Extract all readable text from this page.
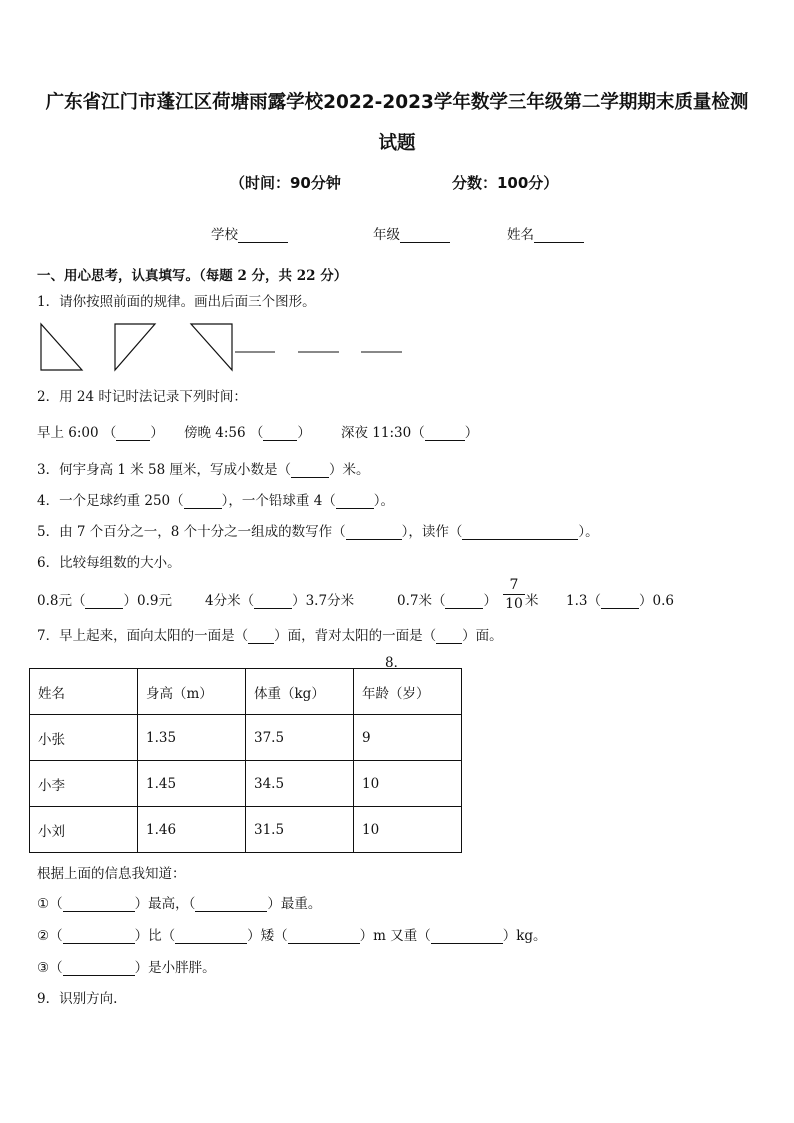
广东省江门市蓬江区荷塘雨露学校2022-2023学年数学三年级第二学期期末质量检测
试题
（时间：90分钟	分数：100分）
学校	年级	姓名
一、用心思考，认真填写。（每题 2 分，共 22 分）
1．请你按照前面的规律。画出后面三个图形。
2．用 24 时记时法记录下列时间：
早上 6:00 （	） 傍晚 4:56 （	） 深夜 11:30（	）
3．何宇身高 1 米 58 厘米，写成小数是（	）米。
4．一个足球约重 250（	），一个铅球重 4（	）。
5．由 7 个百分之一，8 个十分之一组成的数写作（	），读作（	）。
6．比较每组数的大小。
0.8元（	）0.9元 4分米（	）3.7分米	0.7米（	） $\frac{7}{10}$ 米 1.3（	）0.6
7．早上起来，面向太阳的一面是（ ）面，背对太阳的一面是（ ）面。
8．
姓名	身高（m）	体重（kg）	年龄（岁）
小张	1.35	37.5	9
小李	1.45	34.5	10
小刘	1.46	31.5	10
根据上面的信息我知道：
①（	）最高，（	）最重。
②（	）比（	）矮（	）m 又重（	）kg。
③（	）是小胖胖。
9．识别方向.
